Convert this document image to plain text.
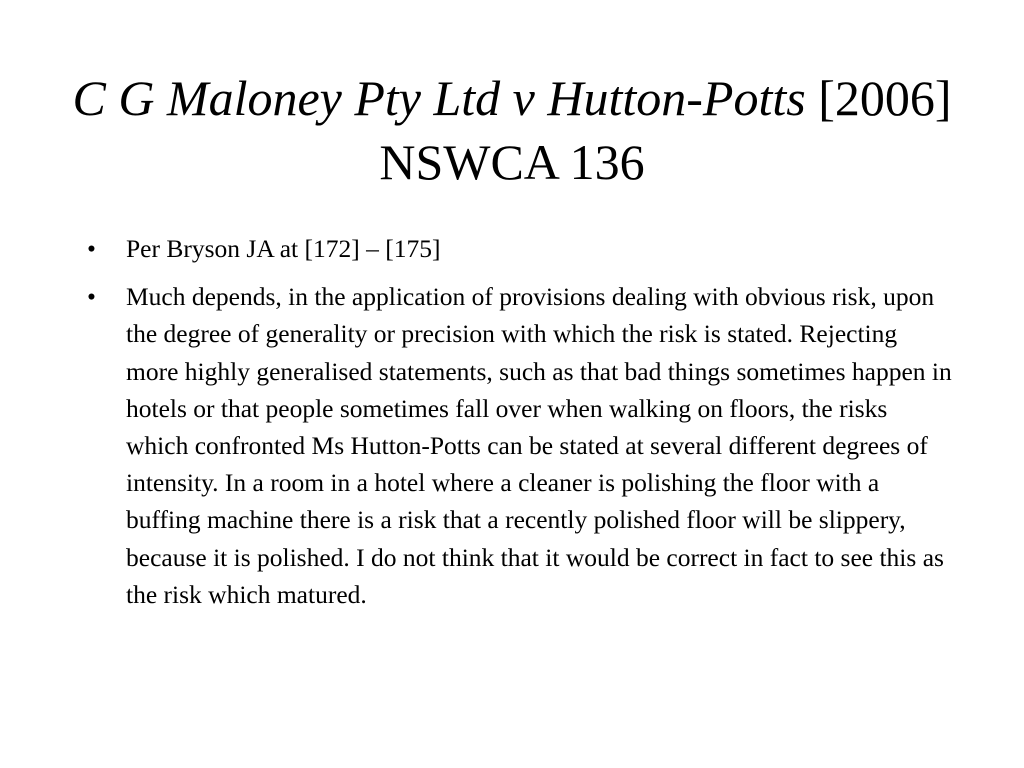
C G Maloney Pty Ltd v Hutton-Potts [2006] NSWCA 136
• Per Bryson JA at [172] – [175]
• Much depends, in the application of provisions dealing with obvious risk, upon the degree of generality or precision with which the risk is stated. Rejecting more highly generalised statements, such as that bad things sometimes happen in hotels or that people sometimes fall over when walking on floors, the risks which confronted Ms Hutton-Potts can be stated at several different degrees of intensity. In a room in a hotel where a cleaner is polishing the floor with a buffing machine there is a risk that a recently polished floor will be slippery, because it is polished. I do not think that it would be correct in fact to see this as the risk which matured.
